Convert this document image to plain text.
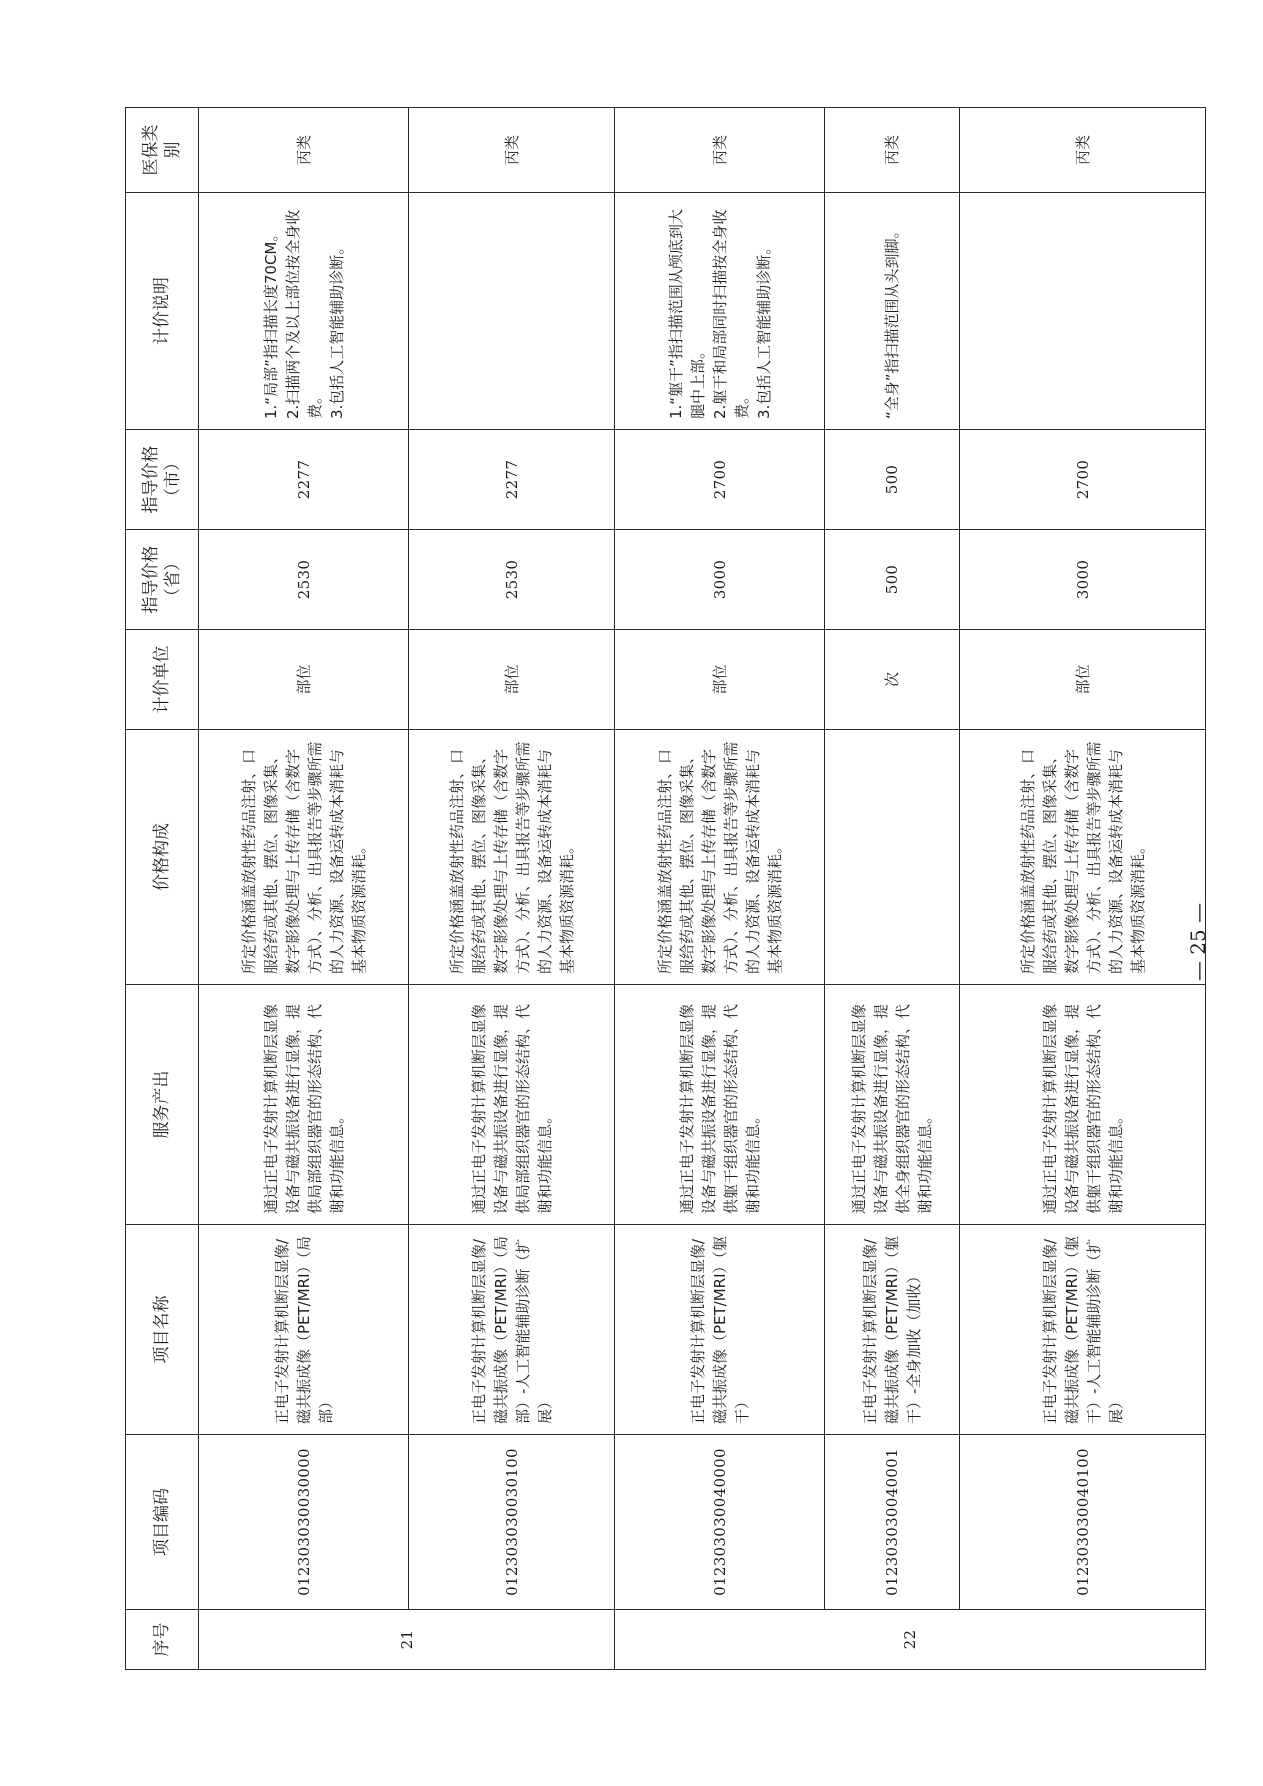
序号	项目编码	项目名称	服务产出	价格构成	计价单位	指导价格（省）	指导价格（市）	计价说明	医保类别
21	012303030030000	正电子发射计算机断层显像/磁共振成像（PET/MRI）（局部）	通过正电子发射计算机断层显像设备与磁共振设备进行显像，提供局部组织器官的形态结构、代谢和功能信息。	所定价格涵盖放射性药品注射、口服给药或其他、摆位、图像采集、数字影像处理与上传存储（含数字方式）、分析、出具报告等步骤所需的人力资源、设备运转成本消耗与基本物质资源消耗。	部位	2530	2277	1.“局部”指扫描长度70CM。 2.扫描两个及以上部位按全身收费。 3.包括人工智能辅助诊断。	丙类
	012303030030100	正电子发射计算机断层显像/磁共振成像（PET/MRI）（局部）-人工智能辅助诊断（扩展）	通过正电子发射计算机断层显像设备与磁共振设备进行显像，提供局部组织器官的形态结构、代谢和功能信息。	所定价格涵盖放射性药品注射、口服给药或其他、摆位、图像采集、数字影像处理与上传存储（含数字方式）、分析、出具报告等步骤所需的人力资源、设备运转成本消耗与基本物质资源消耗。	部位	2530	2277		丙类
22	012303030040000	正电子发射计算机断层显像/磁共振成像（PET/MRI）（躯干）	通过正电子发射计算机断层显像设备与磁共振设备进行显像，提供躯干组织器官的形态结构、代谢和功能信息。	所定价格涵盖放射性药品注射、口服给药或其他、摆位、图像采集、数字影像处理与上传存储（含数字方式）、分析、出具报告等步骤所需的人力资源、设备运转成本消耗与基本物质资源消耗。	部位	3000	2700	1.“躯干”指扫描范围从颅底到大腿中上部。 2.躯干和局部同时扫描按全身收费。 3.包括人工智能辅助诊断。	丙类
	012303030040001	正电子发射计算机断层显像/磁共振成像（PET/MRI）（躯干）-全身加收（加收）	通过正电子发射计算机断层显像设备与磁共振设备进行显像，提供全身组织器官的形态结构、代谢和功能信息。		次	500	500	“全身”指扫描范围从头到脚。	丙类
	012303030040100	正电子发射计算机断层显像/磁共振成像（PET/MRI）（躯干）-人工智能辅助诊断（扩展）	通过正电子发射计算机断层显像设备与磁共振设备进行显像，提供躯干组织器官的形态结构、代谢和功能信息。	所定价格涵盖放射性药品注射、口服给药或其他、摆位、图像采集、数字影像处理与上传存储（含数字方式）、分析、出具报告等步骤所需的人力资源、设备运转成本消耗与基本物质资源消耗。	部位	3000	2700		丙类
— 25 —
